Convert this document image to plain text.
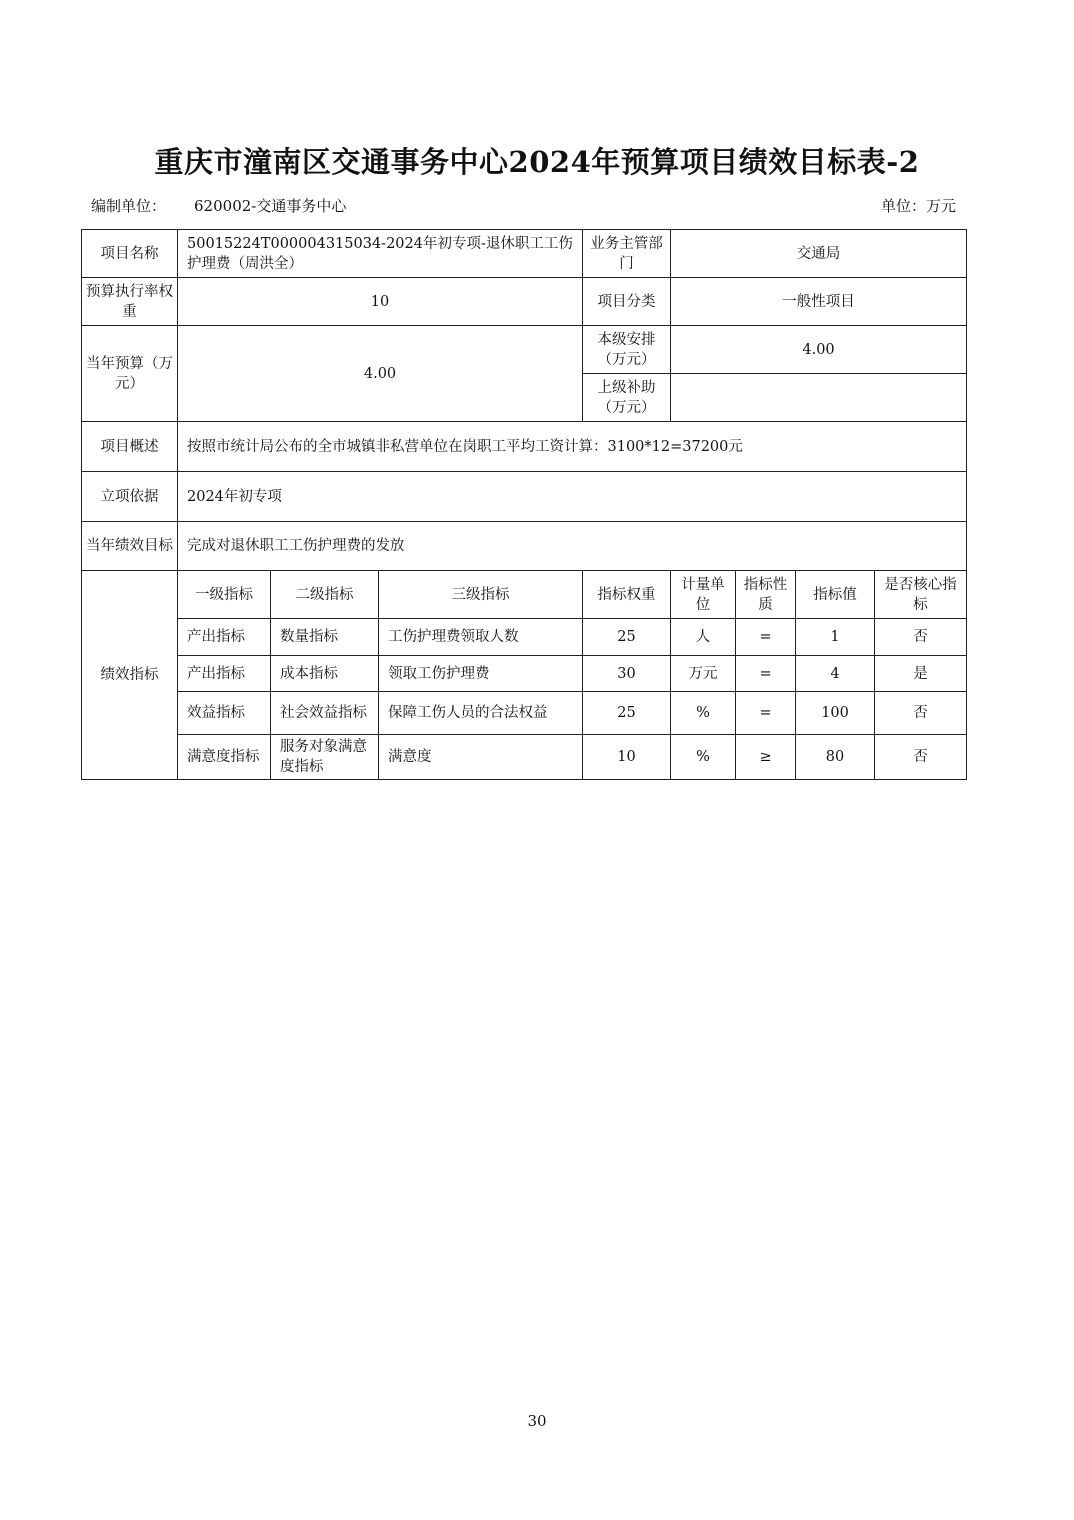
重庆市潼南区交通事务中心2024年预算项目绩效目标表-2
编制单位： 620002-交通事务中心	单位：万元
项目名称	50015224T000004315034-2024年初专项-退休职工工伤护理费（周洪全）			业务主管部门	交通局			
预算执行率权重	10			项目分类	一般性项目			
当年预算（万元）	4.00			本级安排（万元）	4.00			
				上级补助（万元）				
项目概述	按照市统计局公布的全市城镇非私营单位在岗职工平均工资计算：3100*12=37200元							
立项依据	2024年初专项							
当年绩效目标	完成对退休职工工伤护理费的发放							
绩效指标	一级指标	二级指标	三级指标	指标权重	计量单位	指标性质	指标值	是否核心指标
	产出指标	数量指标	工伤护理费领取人数	25	人	=	1	否
	产出指标	成本指标	领取工伤护理费	30	万元	=	4	是
	效益指标	社会效益指标	保障工伤人员的合法权益	25	%	=	100	否
	满意度指标	服务对象满意度指标	满意度	10	%	≥	80	否
30
